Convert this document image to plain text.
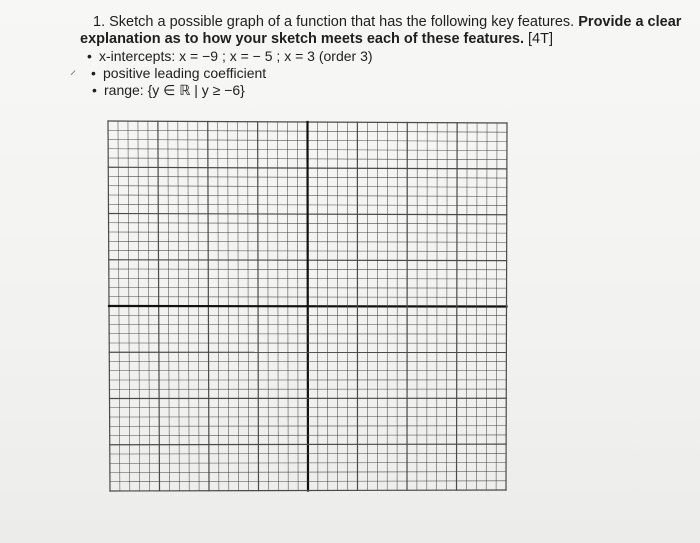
1. Sketch a possible graph of a function that has the following key features. Provide a clear
explanation as to how your sketch meets each of these features. [4T]
⸍
• x-intercepts: x = −9 ; x = − 5 ; x = 3 (order 3)
• positive leading coefficient
• range: {y ∈ ℝ | y ≥ −6}
